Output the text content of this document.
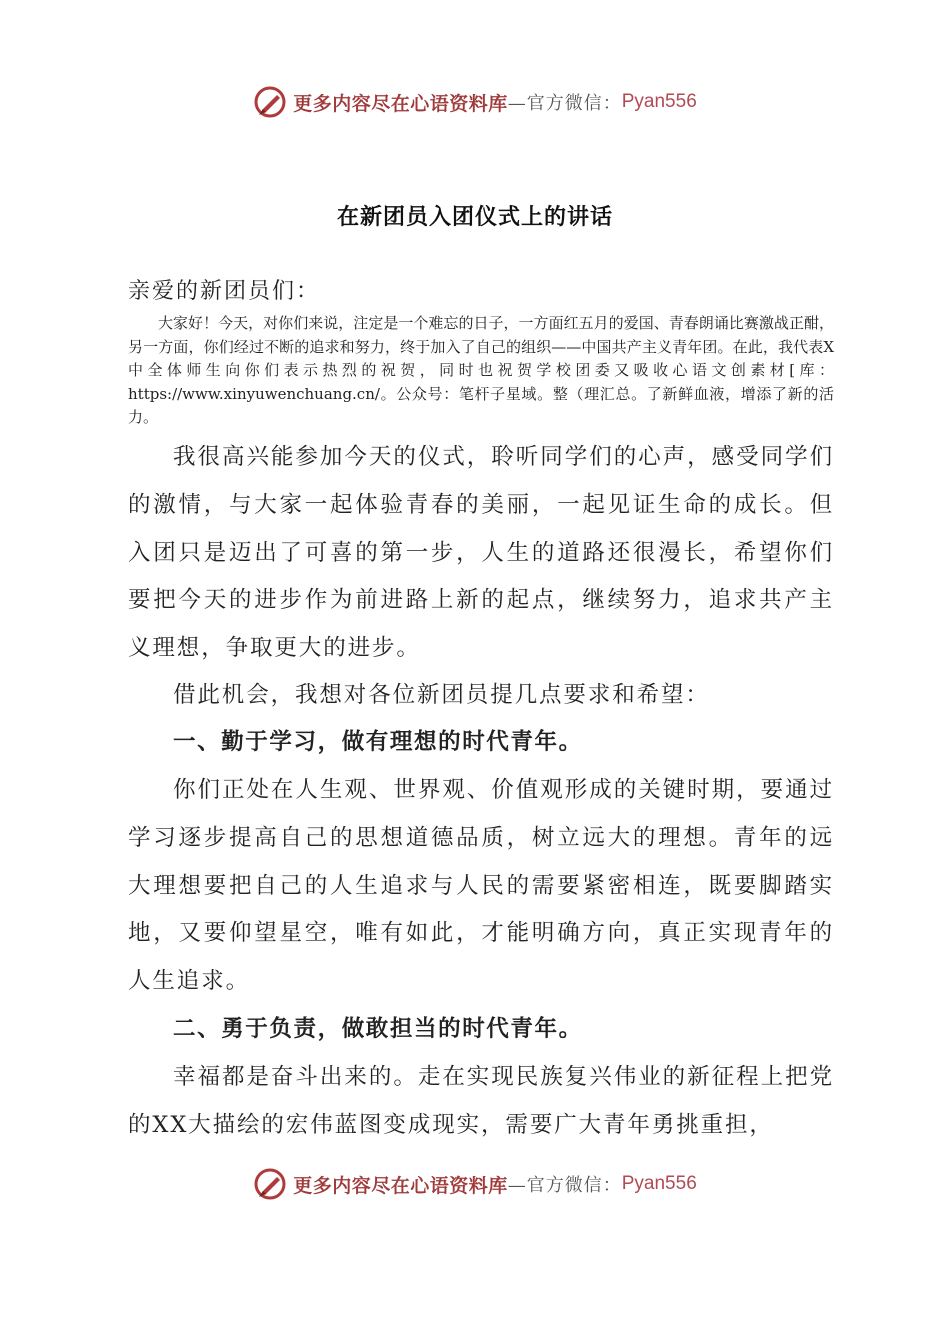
更多内容尽在心语资料库 —官方微信： Pyan556
在新团员入团仪式上的讲话
亲爱的新团员们：
大家好！今天，对你们来说，注定是一个难忘的日子，一方面红五月的爱国、青春朗诵比赛激战正酣，另一方面，你们经过不断的追求和努力，终于加入了自己的组织——中国共产主义青年团。在此，我代表X中全体师生向你们表示热烈的祝贺，同时也祝贺学校团委又吸收心语文创素材[库：https://www.xinyuwenchuang.cn/。公众号：笔杆子星域。整（理汇总。了新鲜血液，增添了新的活力。
我很高兴能参加今天的仪式，聆听同学们的心声，感受同学们的激情，与大家一起体验青春的美丽，一起见证生命的成长。但入团只是迈出了可喜的第一步，人生的道路还很漫长，希望你们要把今天的进步作为前进路上新的起点，继续努力，追求共产主义理想，争取更大的进步。
借此机会，我想对各位新团员提几点要求和希望：
一、勤于学习，做有理想的时代青年。
你们正处在人生观、世界观、价值观形成的关键时期，要通过学习逐步提高自己的思想道德品质，树立远大的理想。青年的远大理想要把自己的人生追求与人民的需要紧密相连，既要脚踏实地，又要仰望星空，唯有如此，才能明确方向，真正实现青年的人生追求。
二、勇于负责，做敢担当的时代青年。
幸福都是奋斗出来的。走在实现民族复兴伟业的新征程上把党的XX大描绘的宏伟蓝图变成现实，需要广大青年勇挑重担，
更多内容尽在心语资料库 —官方微信： Pyan556
